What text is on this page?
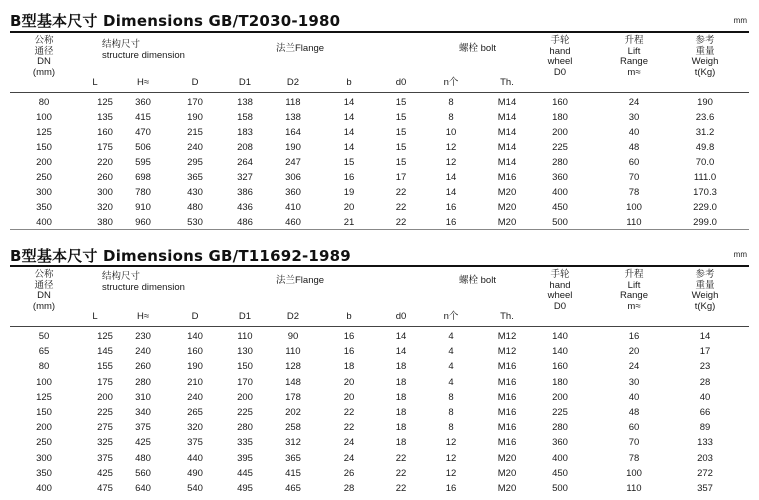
B型基本尺寸 Dimensions GB/T2030-1980	mm
公称
通径
DN
(mm)
结构尺寸
structure dimension
法兰Flange	螺栓 bolt
手轮
hand
wheel
D0
升程
Lift
Range
m≈
参考
重量
Weigh
t(Kg)
L	H≈	D	D1	D2	b	d0	n个	Th.
80	125	360	170	138	118	14	15	8	M14	160	24	190
100	135	415	190	158	138	14	15	8	M14	180	30	23.6
125	160	470	215	183	164	14	15	10	M14	200	40	31.2
150	175	506	240	208	190	14	15	12	M14	225	48	49.8
200	220	595	295	264	247	15	15	12	M14	280	60	70.0
250	260	698	365	327	306	16	17	14	M16	360	70	111.0
300	300	780	430	386	360	19	22	14	M20	400	78	170.3
350	320	910	480	436	410	20	22	16	M20	450	100	229.0
400	380	960	530	486	460	21	22	16	M20	500	110	299.0
B型基本尺寸 Dimensions GB/T11692-1989	mm
公称
通径
DN
(mm)
结构尺寸
structure dimension
法兰Flange	螺栓 bolt
手轮
hand
wheel
D0
升程
Lift
Range
m≈
参考
重量
Weigh
t(Kg)
L	H≈	D	D1	D2	b	d0	n个	Th.
50	125	230	140	110	90	16	14	4	M12	140	16	14
65	145	240	160	130	110	16	14	4	M12	140	20	17
80	155	260	190	150	128	18	18	4	M16	160	24	23
100	175	280	210	170	148	20	18	4	M16	180	30	28
125	200	310	240	200	178	20	18	8	M16	200	40	40
150	225	340	265	225	202	22	18	8	M16	225	48	66
200	275	375	320	280	258	22	18	8	M16	280	60	89
250	325	425	375	335	312	24	18	12	M16	360	70	133
300	375	480	440	395	365	24	22	12	M20	400	78	203
350	425	560	490	445	415	26	22	12	M20	450	100	272
400	475	640	540	495	465	28	22	16	M20	500	110	357
